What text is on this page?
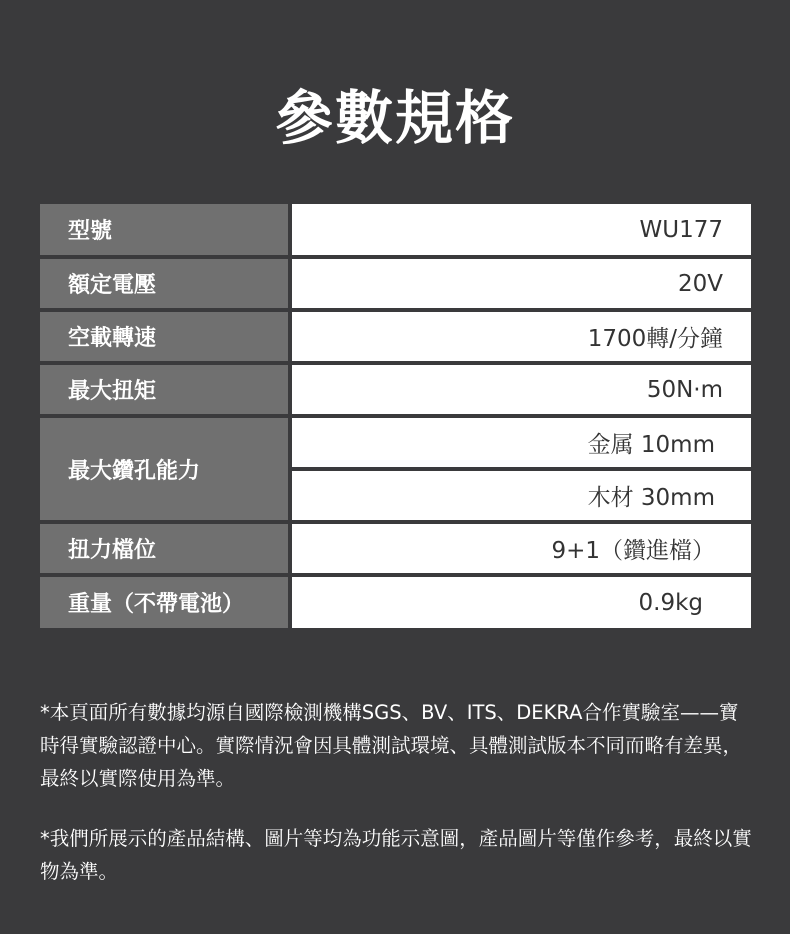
參數規格
型號	WU177
額定電壓	20V
空載轉速	1700轉/分鐘
最大扭矩	50N·m
最大鑽孔能力	金属 10mm
	木材 30mm
扭力檔位	9+1（鑽進檔）
重量（不帶電池）	0.9kg

*本頁面所有數據均源自國際檢測機構SGS、BV、ITS、DEKRA合作實驗室——寶時得實驗認證中心。實際情況會因具體測試環境、具體測試版本不同而略有差異，最終以實際使用為準。

*我們所展示的產品結構、圖片等均為功能示意圖，產品圖片等僅作參考，最終以實物為準。
